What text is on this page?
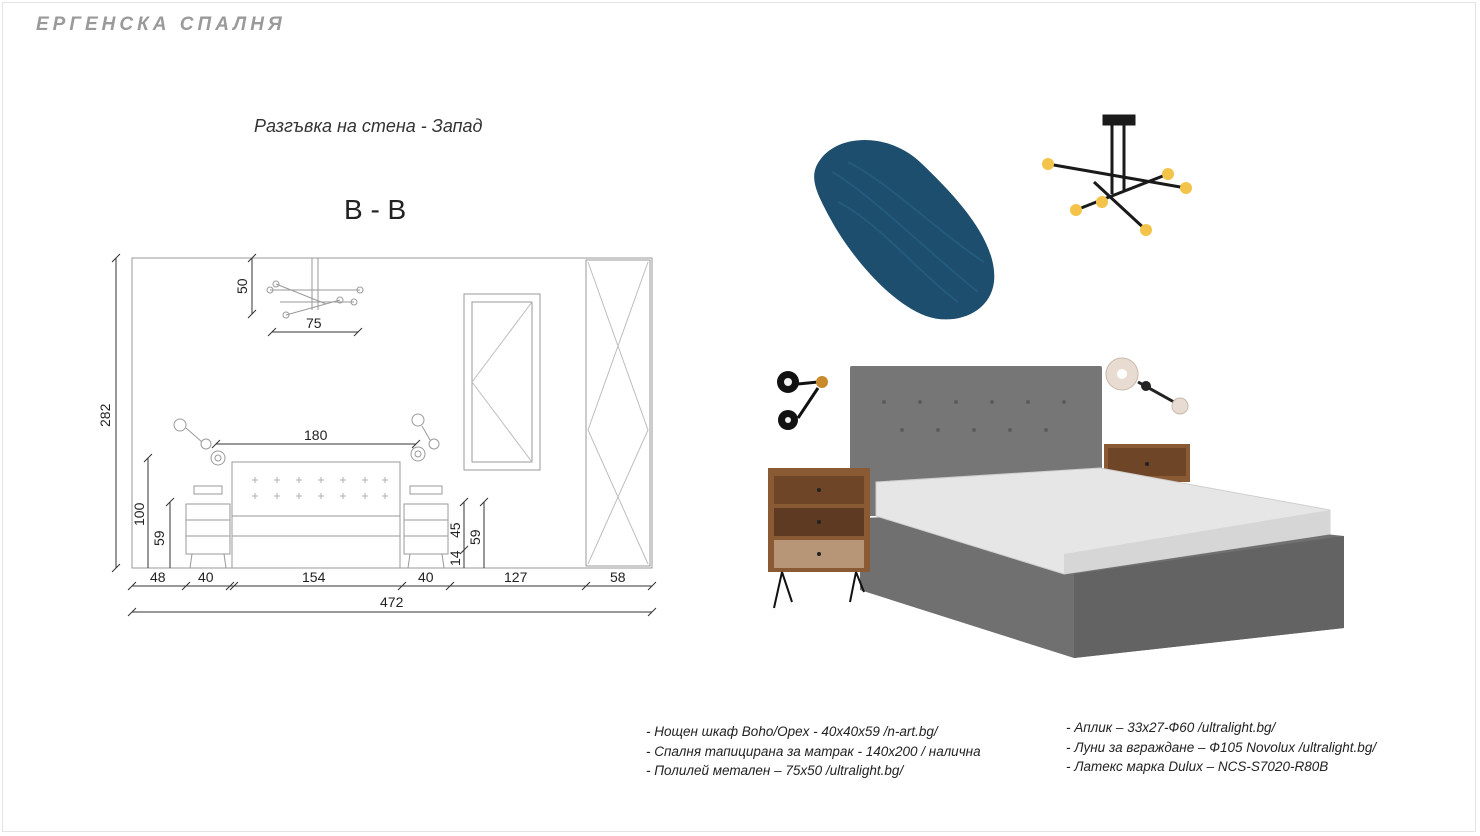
ЕРГЕНСКА СПАЛНЯ
Разгъвка на стена - Запад
B - B
50
75
282
180
100
59
45
14
59
48 40	154	40	127	58
472
- Нощен шкаф Boho/Opex - 40x40x59 /n-art.bg/
- Спалня тапицирана за матрак - 140x200 / налична
- Полилей метален – 75x50 /ultralight.bg/
- Аплик – 33x27-Ф60 /ultralight.bg/
- Луни за вграждане – Ф105 Novolux /ultralight.bg/
- Латекс марка Dulux – NCS-S7020-R80B
